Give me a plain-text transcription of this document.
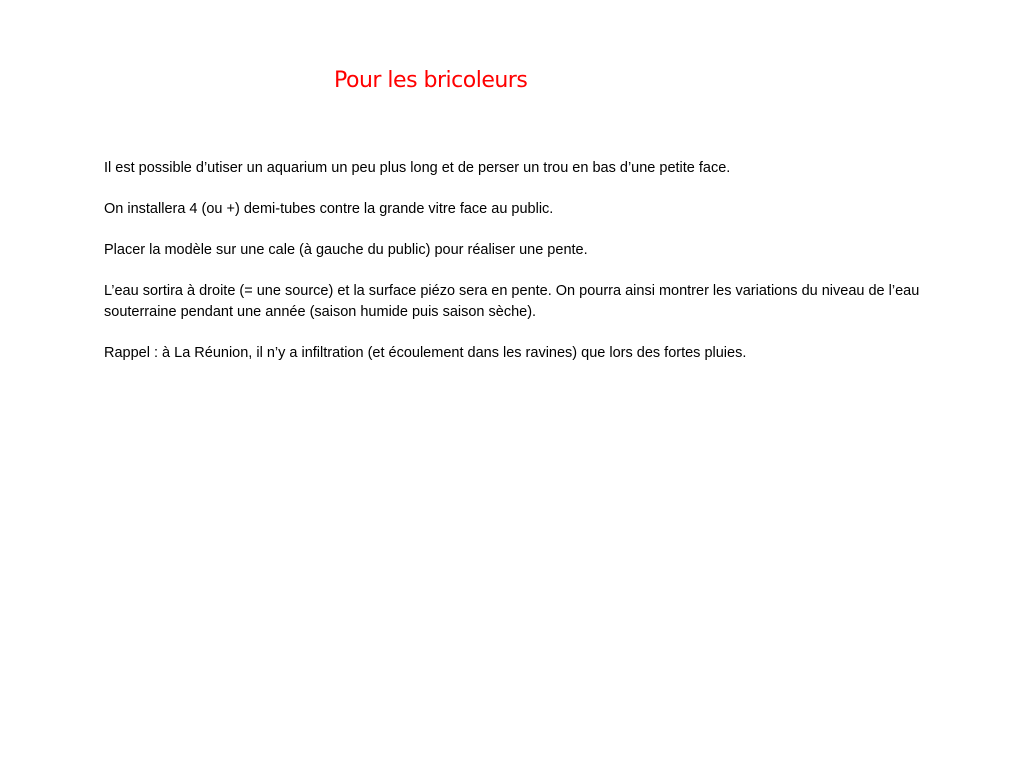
Pour les bricoleurs

Il est possible d’utiser un aquarium un peu plus long et de perser un trou en bas d’une petite face.

On installera 4 (ou +) demi-tubes contre la grande vitre face au public.

Placer la modèle sur une cale (à gauche du public) pour réaliser une pente.

L’eau sortira à droite (= une source) et la surface piézo sera en pente. On pourra ainsi montrer les variations du niveau de l’eau souterraine pendant une année (saison humide puis saison sèche).

Rappel : à La Réunion, il n’y a infiltration (et écoulement dans les ravines) que lors des fortes pluies.
